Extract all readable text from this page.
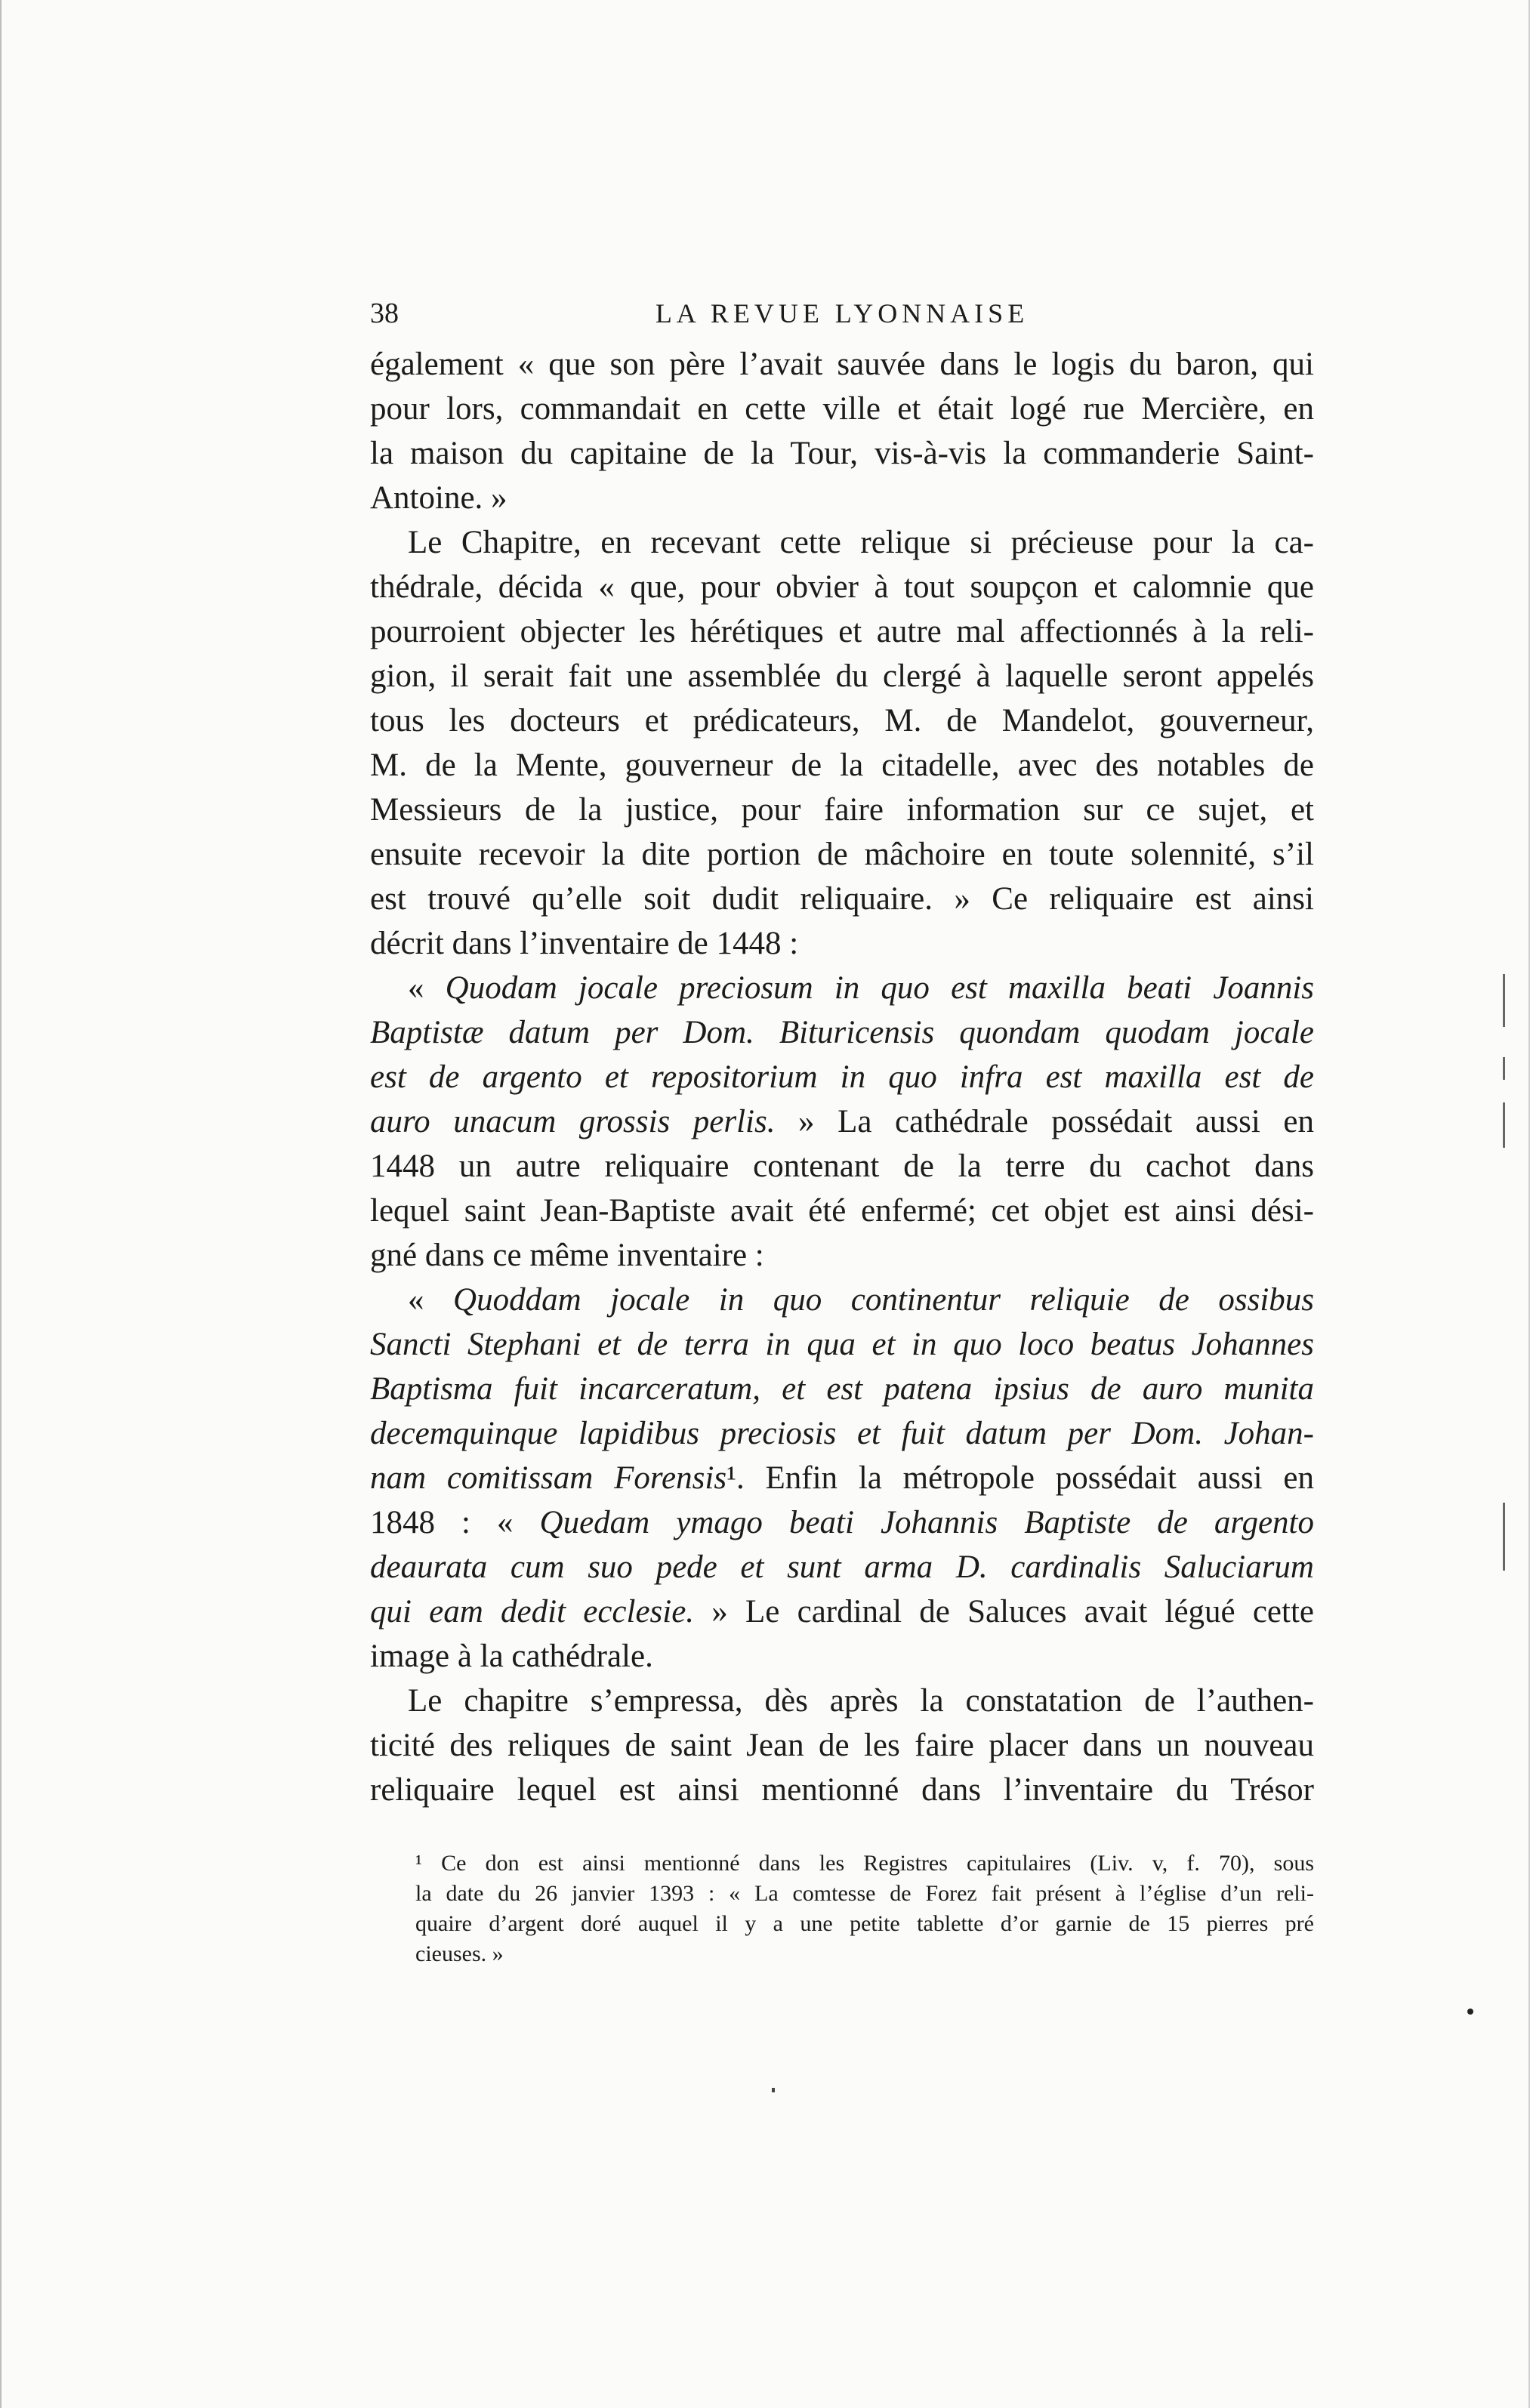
38	LA REVUE LYONNAISE
également « que son père l’avait sauvée dans le logis du baron, qui
pour lors, commandait en cette ville et était logé rue Mercière, en
la maison du capitaine de la Tour, vis-à-vis la commanderie Saint-
Antoine. »
Le Chapitre, en recevant cette relique si précieuse pour la ca-
thédrale, décida « que, pour obvier à tout soupçon et calomnie que
pourroient objecter les hérétiques et autre mal affectionnés à la reli-
gion, il serait fait une assemblée du clergé à laquelle seront appelés
tous les docteurs et prédicateurs, M. de Mandelot, gouverneur,
M. de la Mente, gouverneur de la citadelle, avec des notables de
Messieurs de la justice, pour faire information sur ce sujet, et
ensuite recevoir la dite portion de mâchoire en toute solennité, s’il
est trouvé qu’elle soit dudit reliquaire. » Ce reliquaire est ainsi
décrit dans l’inventaire de 1448 :
« Quodam jocale preciosum in quo est maxilla beati Joannis
Baptistæ datum per Dom. Bituricensis quondam quodam jocale
est de argento et repositorium in quo infra est maxilla est de
auro unacum grossis perlis. » La cathédrale possédait aussi en
1448 un autre reliquaire contenant de la terre du cachot dans
lequel saint Jean-Baptiste avait été enfermé; cet objet est ainsi dési-
gné dans ce même inventaire :
« Quoddam jocale in quo continentur reliquie de ossibus
Sancti Stephani et de terra in qua et in quo loco beatus Johannes
Baptisma fuit incarceratum, et est patena ipsius de auro munita
decemquinque lapidibus preciosis et fuit datum per Dom. Johan-
nam comitissam Forensis¹. Enfin la métropole possédait aussi en
1848 : « Quedam ymago beati Johannis Baptiste de argento
deaurata cum suo pede et sunt arma D. cardinalis Saluciarum
qui eam dedit ecclesie. » Le cardinal de Saluces avait légué cette
image à la cathédrale.
Le chapitre s’empressa, dès après la constatation de l’authen-
ticité des reliques de saint Jean de les faire placer dans un nouveau
reliquaire lequel est ainsi mentionné dans l’inventaire du Trésor
¹ Ce don est ainsi mentionné dans les Registres capitulaires (Liv. v, f. 70), sous
la date du 26 janvier 1393 : « La comtesse de Forez fait présent à l’église d’un reli-
quaire d’argent doré auquel il y a une petite tablette d’or garnie de 15 pierres pré
cieuses. »
